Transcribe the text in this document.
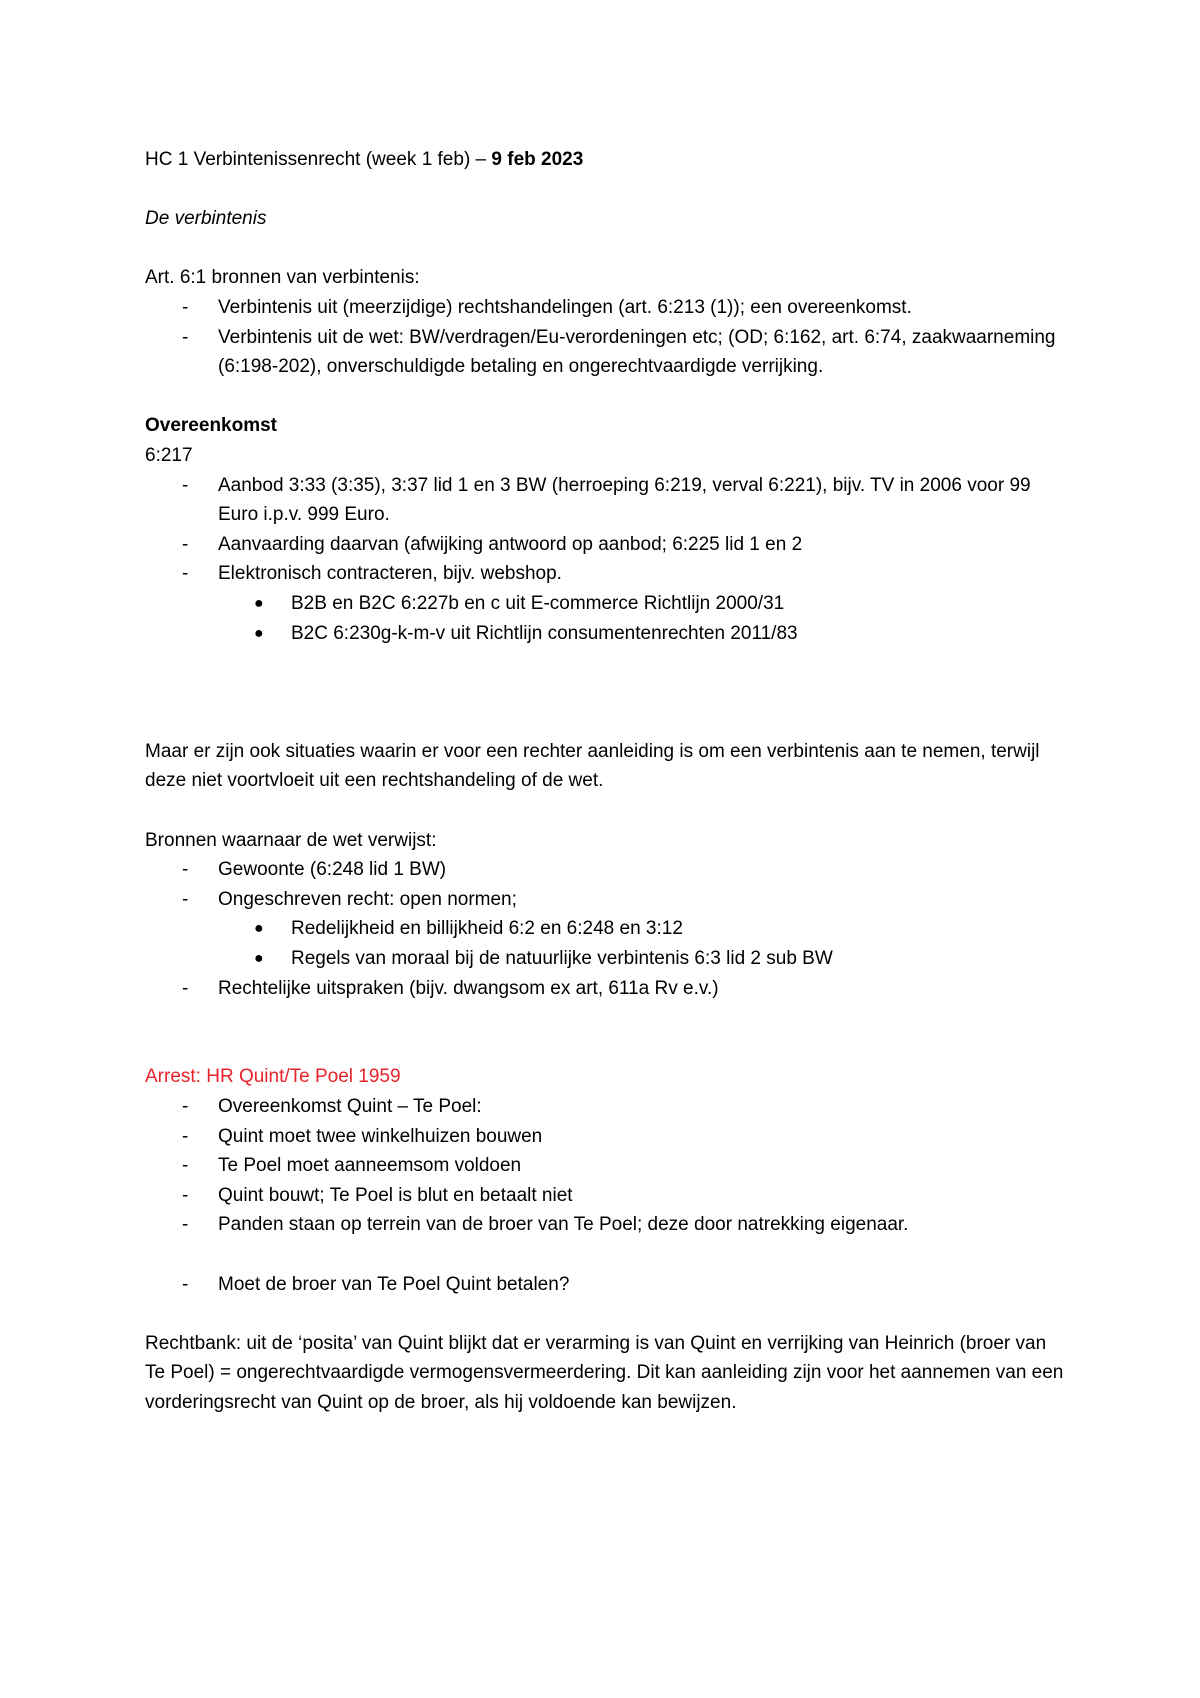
HC 1 Verbintenissenrecht (week 1 feb) – 9 feb 2023

De verbintenis

Art. 6:1 bronnen van verbintenis:

- Verbintenis uit (meerzijdige) rechtshandelingen (art. 6:213 (1)); een overeenkomst.
- Verbintenis uit de wet: BW/verdragen/Eu-verordeningen etc; (OD; 6:162, art. 6:74, zaakwaarneming (6:198-202), onverschuldigde betaling en ongerechtvaardigde verrijking.

Overeenkomst

6:217

- Aanbod 3:33 (3:35), 3:37 lid 1 en 3 BW (herroeping 6:219, verval 6:221), bijv. TV in 2006 voor 99 Euro i.p.v. 999 Euro.
- Aanvaarding daarvan (afwijking antwoord op aanbod; 6:225 lid 1 en 2
- Elektronisch contracteren, bijv. webshop.
● B2B en B2C 6:227b en c uit E-commerce Richtlijn 2000/31
● B2C 6:230g-k-m-v uit Richtlijn consumentenrechten 2011/83

Maar er zijn ook situaties waarin er voor een rechter aanleiding is om een verbintenis aan te nemen, terwijl deze niet voortvloeit uit een rechtshandeling of de wet.

Bronnen waarnaar de wet verwijst:

- Gewoonte (6:248 lid 1 BW)
- Ongeschreven recht: open normen;
● Redelijkheid en billijkheid 6:2 en 6:248 en 3:12
● Regels van moraal bij de natuurlijke verbintenis 6:3 lid 2 sub BW
- Rechtelijke uitspraken (bijv. dwangsom ex art, 611a Rv e.v.)

Arrest: HR Quint/Te Poel 1959

- Overeenkomst Quint – Te Poel:
- Quint moet twee winkelhuizen bouwen
- Te Poel moet aanneemsom voldoen
- Quint bouwt; Te Poel is blut en betaalt niet
- Panden staan op terrein van de broer van Te Poel; deze door natrekking eigenaar.
- Moet de broer van Te Poel Quint betalen?

Rechtbank: uit de ‘posita’ van Quint blijkt dat er verarming is van Quint en verrijking van Heinrich (broer van Te Poel) = ongerechtvaardigde vermogensvermeerdering. Dit kan aanleiding zijn voor het aannemen van een vorderingsrecht van Quint op de broer, als hij voldoende kan bewijzen.
